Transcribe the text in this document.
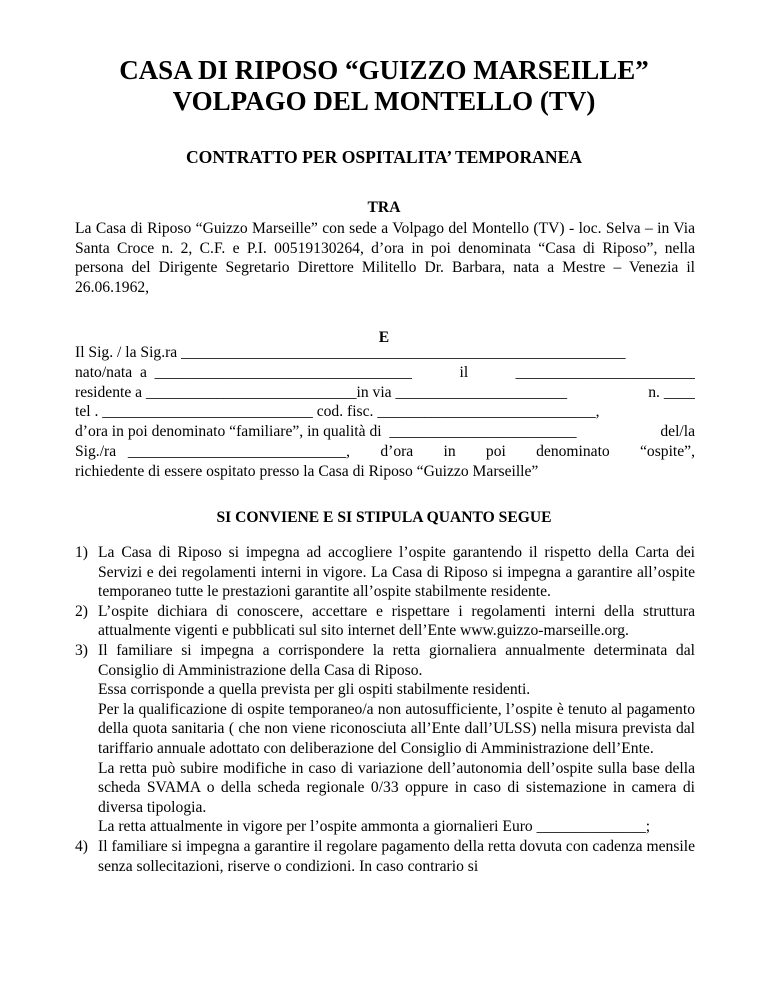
CASA DI RIPOSO “GUIZZO MARSEILLE”
VOLPAGO DEL MONTELLO (TV)
CONTRATTO PER OSPITALITA’ TEMPORANEA
TRA
La Casa di Riposo “Guizzo Marseille” con sede a Volpago del Montello (TV) - loc. Selva – in Via Santa Croce n. 2, C.F. e P.I. 00519130264, d’ora in poi denominata “Casa di Riposo”, nella persona del Dirigente Segretario Direttore Militello Dr. Barbara, nata a Mestre – Venezia il 26.06.1962,
E
Il Sig. / la Sig.ra _________________________________________________________
nato/nata  a  _________________________________	il	_______________________
residente a ___________________________in via ______________________	n. ____
tel . ___________________________ cod. fisc. ____________________________,
d’ora in poi denominato “familiare”, in qualità di  ________________________	del/la
Sig./ra   ____________________________, d’ora in poi denominato “ospite”,
richiedente di essere ospitato presso la Casa di Riposo “Guizzo Marseille”
SI CONVIENE E SI STIPULA QUANTO SEGUE
1) La Casa di Riposo si impegna ad accogliere l’ospite garantendo il rispetto della Carta dei Servizi e dei regolamenti interni in vigore. La Casa di Riposo si impegna a garantire all’ospite temporaneo tutte le prestazioni garantite all’ospite stabilmente residente.
2) L’ospite dichiara di conoscere, accettare e rispettare i regolamenti interni della struttura attualmente vigenti e pubblicati sul sito internet dell’Ente www.guizzo-marseille.org.
3) Il familiare si impegna a corrispondere la retta giornaliera annualmente determinata dal Consiglio di Amministrazione della Casa di Riposo.
Essa corrisponde a quella prevista per gli ospiti stabilmente residenti.
Per la qualificazione di ospite temporaneo/a non autosufficiente, l’ospite è tenuto al pagamento della quota sanitaria ( che non viene riconosciuta all’Ente dall’ULSS) nella misura prevista dal tariffario annuale adottato con deliberazione del Consiglio di Amministrazione dell’Ente.
La retta può subire modifiche in caso di variazione dell’autonomia dell’ospite sulla base della scheda SVAMA o della scheda regionale 0/33 oppure in caso di sistemazione in camera di diversa tipologia.
La retta attualmente in vigore per l’ospite ammonta a giornalieri Euro ______________;
4) Il familiare si impegna a garantire il regolare pagamento della retta dovuta con cadenza mensile senza sollecitazioni, riserve o condizioni. In caso contrario si
